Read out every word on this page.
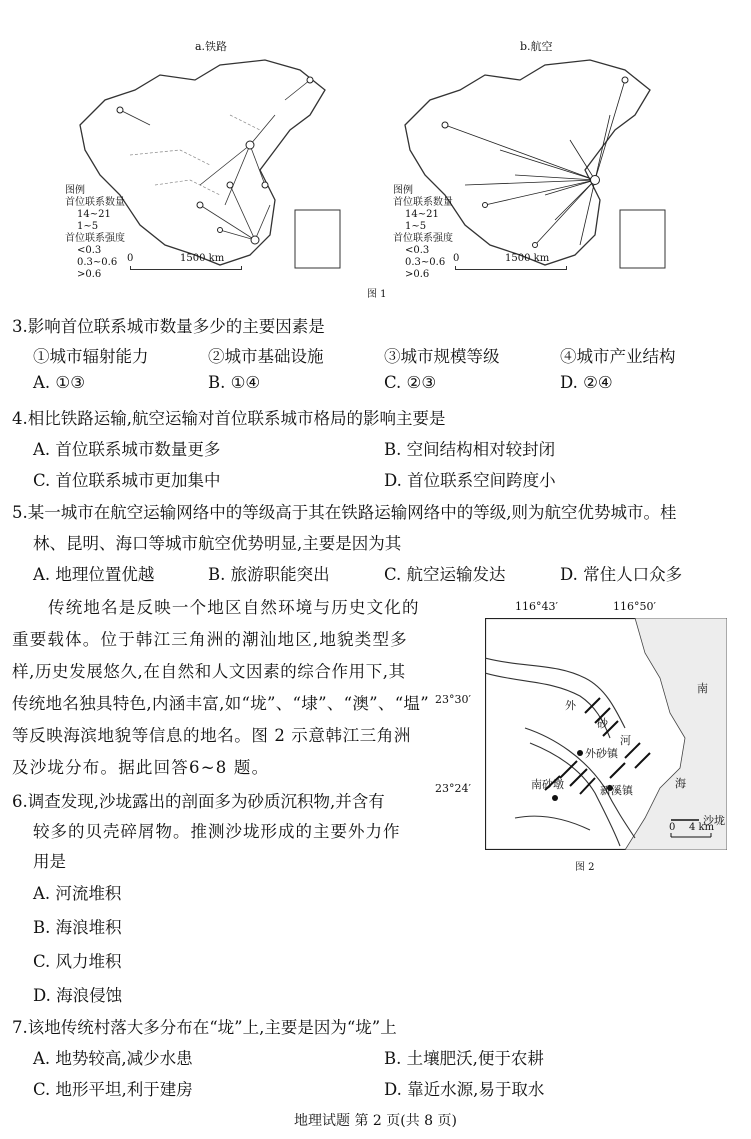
a.铁路	b.航空
图例
首位联系数量
14~21
1~5
首位联系强度
<0.3
0.3~0.6
>0.6
图例
首位联系数量
14~21
1~5
首位联系强度
<0.3
0.3~0.6
>0.6
0	1500 km	0	1500 km
图 1
3.影响首位联系城市数量多少的主要因素是
①城市辐射能力	②城市基础设施	③城市规模等级	④城市产业结构
A. ①③	B. ①④	C. ②③	D. ②④
4.相比铁路运输,航空运输对首位联系城市格局的影响主要是
A. 首位联系城市数量更多	B. 空间结构相对较封闭
C. 首位联系城市更加集中	D. 首位联系空间跨度小
5.某一城市在航空运输网络中的等级高于其在铁路运输网络中的等级,则为航空优势城市。桂
林、昆明、海口等城市航空优势明显,主要是因为其
A. 地理位置优越	B. 旅游职能突出	C. 航空运输发达	D. 常住人口众多
传统地名是反映一个地区自然环境与历史文化的
重要载体。位于韩江三角洲的潮汕地区,地貌类型多
样,历史发展悠久,在自然和人文因素的综合作用下,其
传统地名独具特色,内涵丰富,如“垅”、“埭”、“澳”、“塭”
等反映海滨地貌等信息的地名。图 2 示意韩江三角洲
及沙垅分布。据此回答6~8 题。
116°43′	116°50′
23°30′
23°24′
南
海
外
砂
河
外砂镇
新溪镇
南砂墩
沙垅
0 4 km
图 2
6.调查发现,沙垅露出的剖面多为砂质沉积物,并含有
较多的贝壳碎屑物。推测沙垅形成的主要外力作
用是
A. 河流堆积
B. 海浪堆积
C. 风力堆积
D. 海浪侵蚀
7.该地传统村落大多分布在“垅”上,主要是因为“垅”上
A. 地势较高,减少水患	B. 土壤肥沃,便于农耕
C. 地形平坦,利于建房	D. 靠近水源,易于取水
地理试题 第 2 页(共 8 页)
